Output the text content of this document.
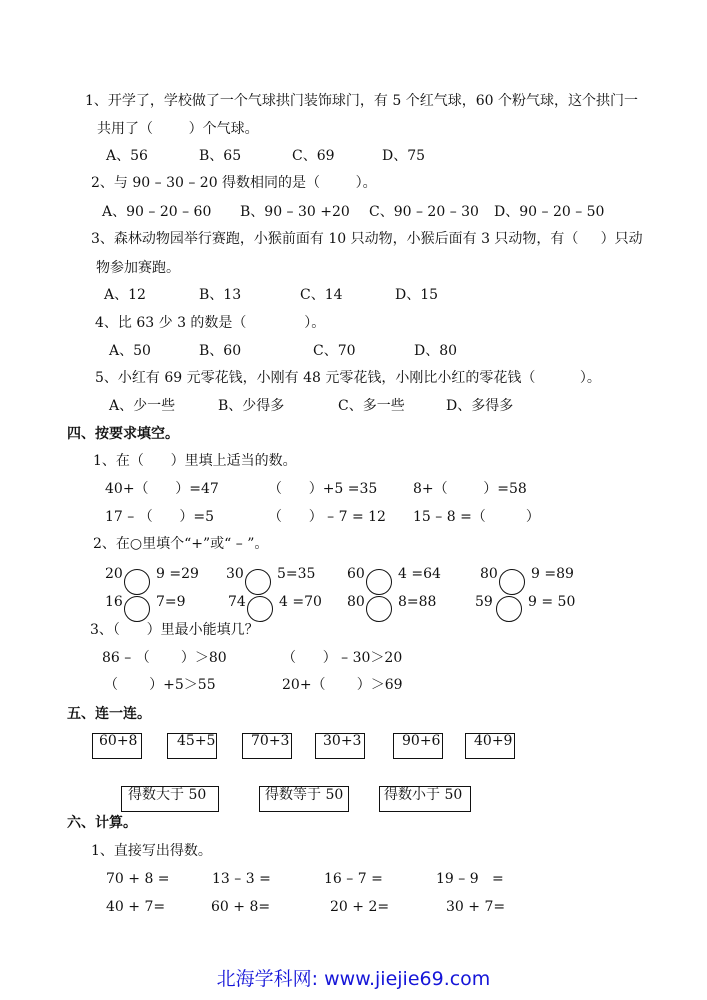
1、开学了，学校做了一个气球拱门装饰球门，有 5 个红气球，60 个粉气球，这个拱门一
共用了（        ）个气球。
A、56	B、65	C、69	D、75
2、与 90 – 30 – 20 得数相同的是（        ）。
A、90 – 20 – 60 B、90 – 30 +20 C、90 – 20 – 30 D、90 – 20 – 50
3、森林动物园举行赛跑，小猴前面有 10 只动物，小猴后面有 3 只动物，有（     ）只动
物参加赛跑。
A、12	B、13	C、14	D、15
4、比 63 少 3 的数是（             ）。
A、50	B、60	C、70	D、80
5、小红有 69 元零花钱，小刚有 48 元零花钱，小刚比小红的零花钱（          ）。
A、少一些	B、少得多	C、多一些	D、多得多
四、按要求填空。
1、在（      ）里填上适当的数。
40+（      ）=47	（      ）+5 =35	8+（        ）=58
17 – （      ）=5	（      ） – 7 = 12 15 – 8 =（         ）
2、在○里填个“+”或“ – ”。
20 9 =29 30 5=35 60 4 =64	80 9 =89
16 7=9	74 4 =70 80 8=88	59	9 = 50
3、（      ）里最小能填几？
86 – （       ）＞80	（      ） – 30＞20
（       ）+5＞55	20+（       ）＞69
五、连一连。
60+8	45+5	70+3 30+3	90+6 40+9
得数大于 50	得数等于 50	得数小于 50
六、计算。
1、直接写出得数。
70 + 8 =	13 – 3 =	16 – 7 =	19 – 9   =
40 + 7=	60 + 8=	20 + 2=	30 + 7=
北海学科网: www.jiejie69.com
